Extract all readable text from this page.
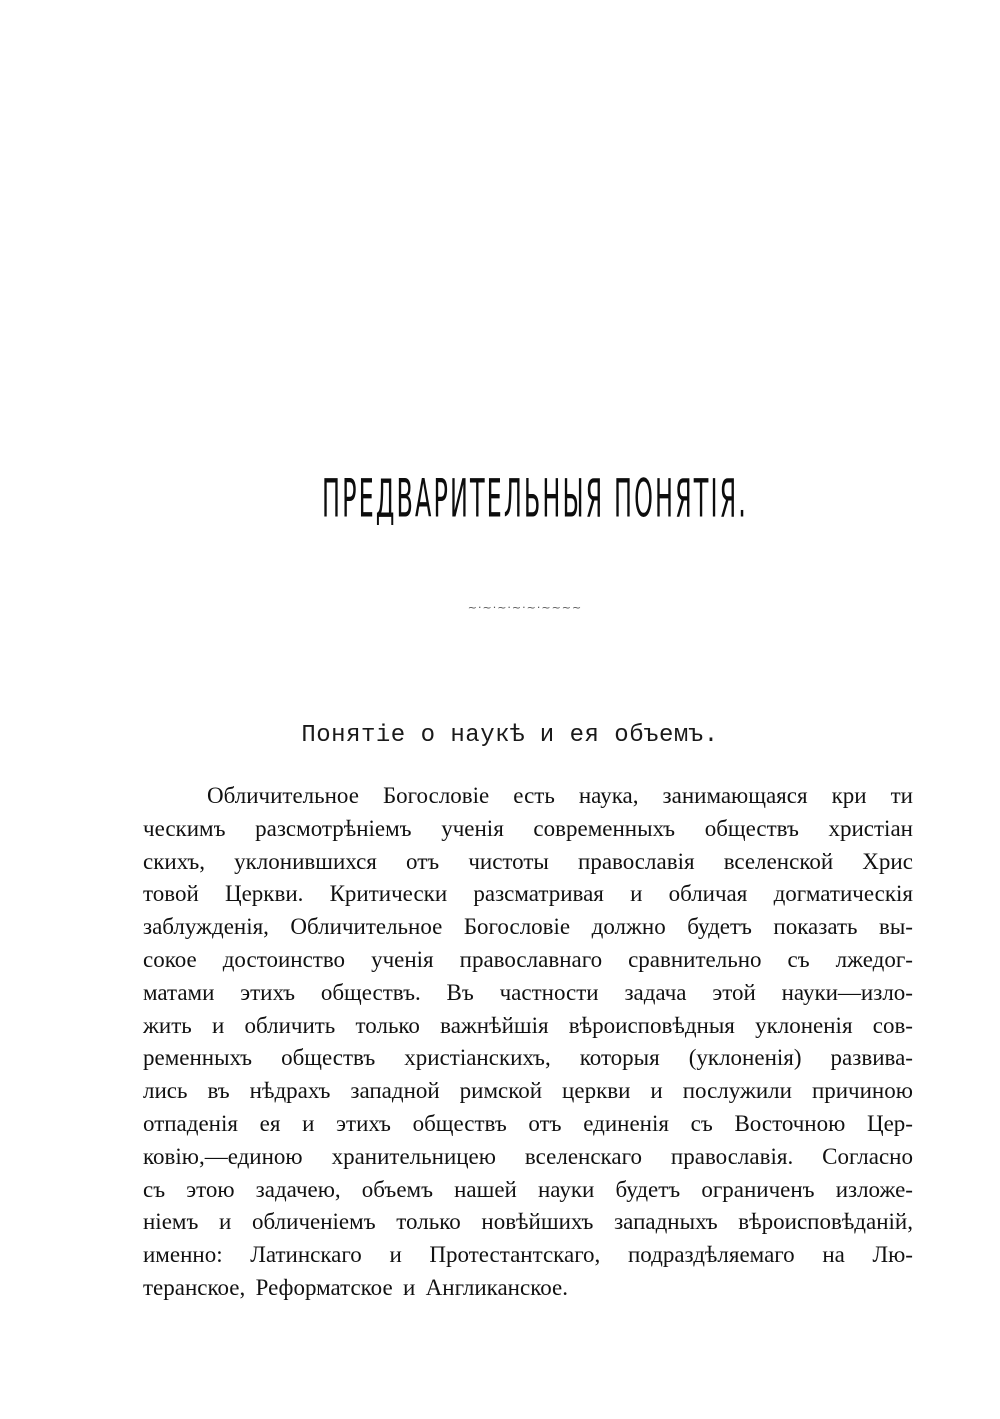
ПРЕДВАРИТЕЛЬНЫЯ ПОНЯТІЯ.
~·~·~·~·~·~~~~
Понятіе о наукѣ и ея объемъ.
Обличительное Богословіе есть наука, занимающаяся кри ти
ческимъ разсмотрѣніемъ ученія современныхъ обществъ христіан
скихъ, уклонившихся отъ чистоты православія вселенской Хрис
товой Церкви. Критически разсматривая и обличая догматическія
заблужденія, Обличительное Богословіе должно будетъ показать вы-
сокое достоинство ученія православнаго сравнительно съ лжедог-
матами этихъ обществъ. Въ частности задача этой науки—изло-
жить и обличить только важнѣйшія вѣроисповѣдныя уклоненія сов-
ременныхъ обществъ христіанскихъ, которыя (уклоненія) развива-
лись въ нѣдрахъ западной римской церкви и послужили причиною
отпаденія ея и этихъ обществъ отъ единенія съ Восточною Цер-
ковію,—единою хранительницею вселенскаго православія. Согласно
съ этою задачею, объемъ нашей науки будетъ ограниченъ изложе-
ніемъ и обличеніемъ только новѣйшихъ западныхъ вѣроисповѣданій,
именно: Латинскаго и Протестантскаго, подраздѣляемаго на Лю-
теранское, Реформатское и Англиканское.
